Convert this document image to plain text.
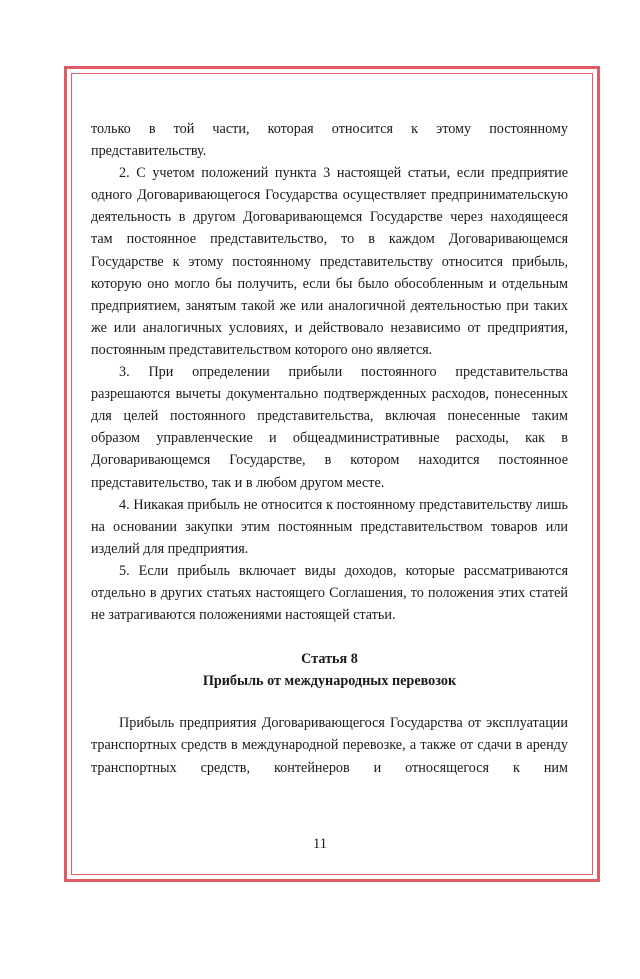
только в той части, которая относится к этому постоянному представительству.

2. С учетом положений пункта 3 настоящей статьи, если предприятие одного Договаривающегося Государства осуществляет предпринимательскую деятельность в другом Договаривающемся Государстве через находящееся там постоянное представительство, то в каждом Договаривающемся Государстве к этому постоянному представительству относится прибыль, которую оно могло бы получить, если бы было обособленным и отдельным предприятием, занятым такой же или аналогичной деятельностью при таких же или аналогичных условиях, и действовало независимо от предприятия, постоянным представительством которого оно является.

3. При определении прибыли постоянного представительства разрешаются вычеты документально подтвержденных расходов, понесенных для целей постоянного представительства, включая понесенные таким образом управленческие и общеадминистративные расходы, как в Договаривающемся Государстве, в котором находится постоянное представительство, так и в любом другом месте.

4. Никакая прибыль не относится к постоянному представительству лишь на основании закупки этим постоянным представительством товаров или изделий для предприятия.

5. Если прибыль включает виды доходов, которые рассматриваются отдельно в других статьях настоящего Соглашения, то положения этих статей не затрагиваются положениями настоящей статьи.

Статья 8

Прибыль от международных перевозок

Прибыль предприятия Договаривающегося Государства от эксплуатации транспортных средств в международной перевозке, а также от сдачи в аренду транспортных средств, контейнеров и относящегося к ним

11
